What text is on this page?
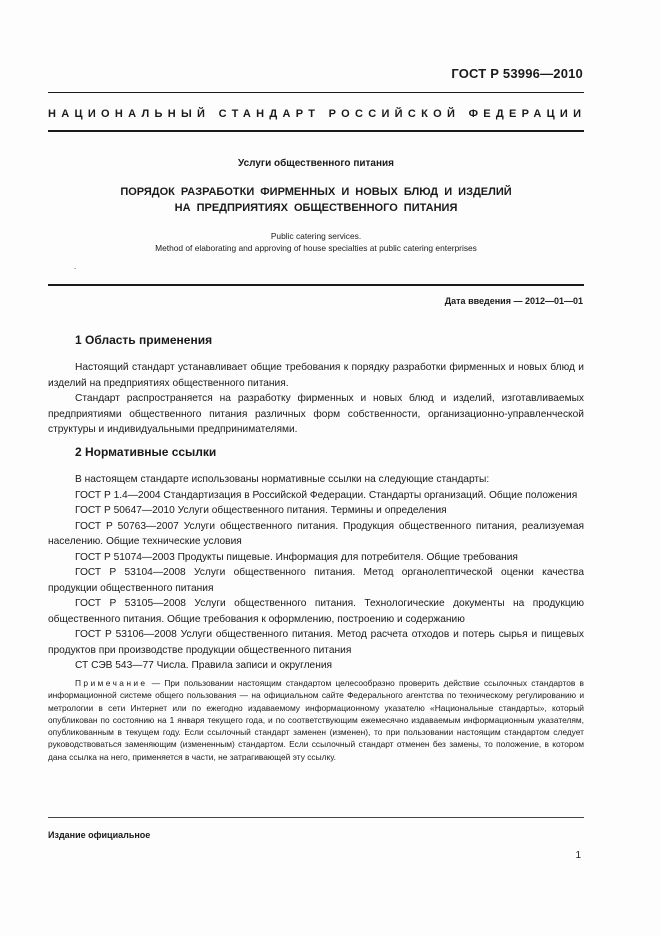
ГОСТ Р 53996—2010
НАЦИОНАЛЬНЫЙ СТАНДАРТ РОССИЙСКОЙ ФЕДЕРАЦИИ
Услуги общественного питания
ПОРЯДОК РАЗРАБОТКИ ФИРМЕННЫХ И НОВЫХ БЛЮД И ИЗДЕЛИЙ
НА ПРЕДПРИЯТИЯХ ОБЩЕСТВЕННОГО ПИТАНИЯ
Public catering services.
Method of elaborating and approving of house specialties at public catering enterprises
.
Дата введения — 2012—01—01
1 Область применения

Настоящий стандарт устанавливает общие требования к порядку разработки фирменных и новых блюд и изделий на предприятиях общественного питания.

Стандарт распространяется на разработку фирменных и новых блюд и изделий, изготавливаемых предприятиями общественного питания различных форм собственности, организационно-управленческой структуры и индивидуальными предпринимателями.

2 Нормативные ссылки

В настоящем стандарте использованы нормативные ссылки на следующие стандарты:

ГОСТ Р 1.4—2004 Стандартизация в Российской Федерации. Стандарты организаций. Общие положения

ГОСТ Р 50647—2010 Услуги общественного питания. Термины и определения

ГОСТ Р 50763—2007 Услуги общественного питания. Продукция общественного питания, реализуемая населению. Общие технические условия

ГОСТ Р 51074—2003 Продукты пищевые. Информация для потребителя. Общие требования

ГОСТ Р 53104—2008 Услуги общественного питания. Метод органолептической оценки качества продукции общественного питания

ГОСТ Р 53105—2008 Услуги общественного питания. Технологические документы на продукцию общественного питания. Общие требования к оформлению, построению и содержанию

ГОСТ Р 53106—2008 Услуги общественного питания. Метод расчета отходов и потерь сырья и пищевых продуктов при производстве продукции общественного питания

СТ СЭВ 543—77 Числа. Правила записи и округления

Примечание — При пользовании настоящим стандартом целесообразно проверить действие ссылочных стандартов в информационной системе общего пользования — на официальном сайте Федерального агентства по техническому регулированию и метрологии в сети Интернет или по ежегодно издаваемому информационному указателю «Национальные стандарты», который опубликован по состоянию на 1 января текущего года, и по соответствующим ежемесячно издаваемым информационным указателям, опубликованным в текущем году. Если ссылочный стандарт заменен (изменен), то при пользовании настоящим стандартом следует руководствоваться заменяющим (измененным) стандартом. Если ссылочный стандарт отменен без замены, то положение, в котором дана ссылка на него, применяется в части, не затрагивающей эту ссылку.

Издание официальное
1
